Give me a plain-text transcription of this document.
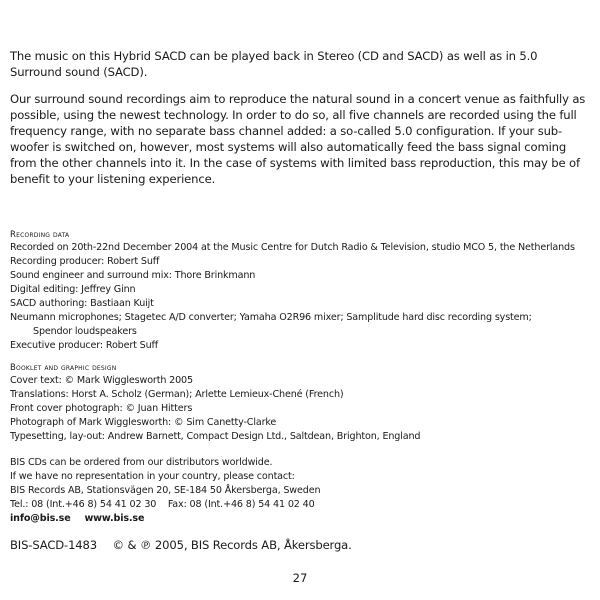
The music on this Hybrid SACD can be played back in Stereo (CD and SACD) as well as in 5.0 Surround sound (SACD).

Our surround sound recordings aim to reproduce the natural sound in a concert venue as faithfully as possible, using the newest technology. In order to do so, all five channels are recorded using the full frequency range, with no separate bass channel added: a so-called 5.0 configuration. If your sub-woofer is switched on, however, most systems will also automatically feed the bass signal coming from the other channels into it. In the case of systems with limited bass reproduction, this may be of benefit to your listening experience.

Recording data
Recorded on 20th-22nd December 2004 at the Music Centre for Dutch Radio & Television, studio MCO 5, the Netherlands
Recording producer: Robert Suff
Sound engineer and surround mix: Thore Brinkmann
Digital editing: Jeffrey Ginn
SACD authoring: Bastiaan Kuijt
Neumann microphones; Stagetec A/D converter; Yamaha O2R96 mixer; Samplitude hard disc recording system;
Spendor loudspeakers
Executive producer: Robert Suff
Booklet and graphic design
Cover text: © Mark Wigglesworth 2005
Translations: Horst A. Scholz (German); Arlette Lemieux-Chené (French)
Front cover photograph: © Juan Hitters
Photograph of Mark Wigglesworth: © Sim Canetty-Clarke
Typesetting, lay-out: Andrew Barnett, Compact Design Ltd., Saltdean, Brighton, England
BIS CDs can be ordered from our distributors worldwide.
If we have no representation in your country, please contact:
BIS Records AB, Stationsvägen 20, SE-184 50 Åkersberga, Sweden
Tel.: 08 (Int.+46 8) 54 41 02 30    Fax: 08 (Int.+46 8) 54 41 02 40
info@bis.se www.bis.se
BIS-SACD-1483 © & ℗ 2005, BIS Records AB, Åkersberga.
27
